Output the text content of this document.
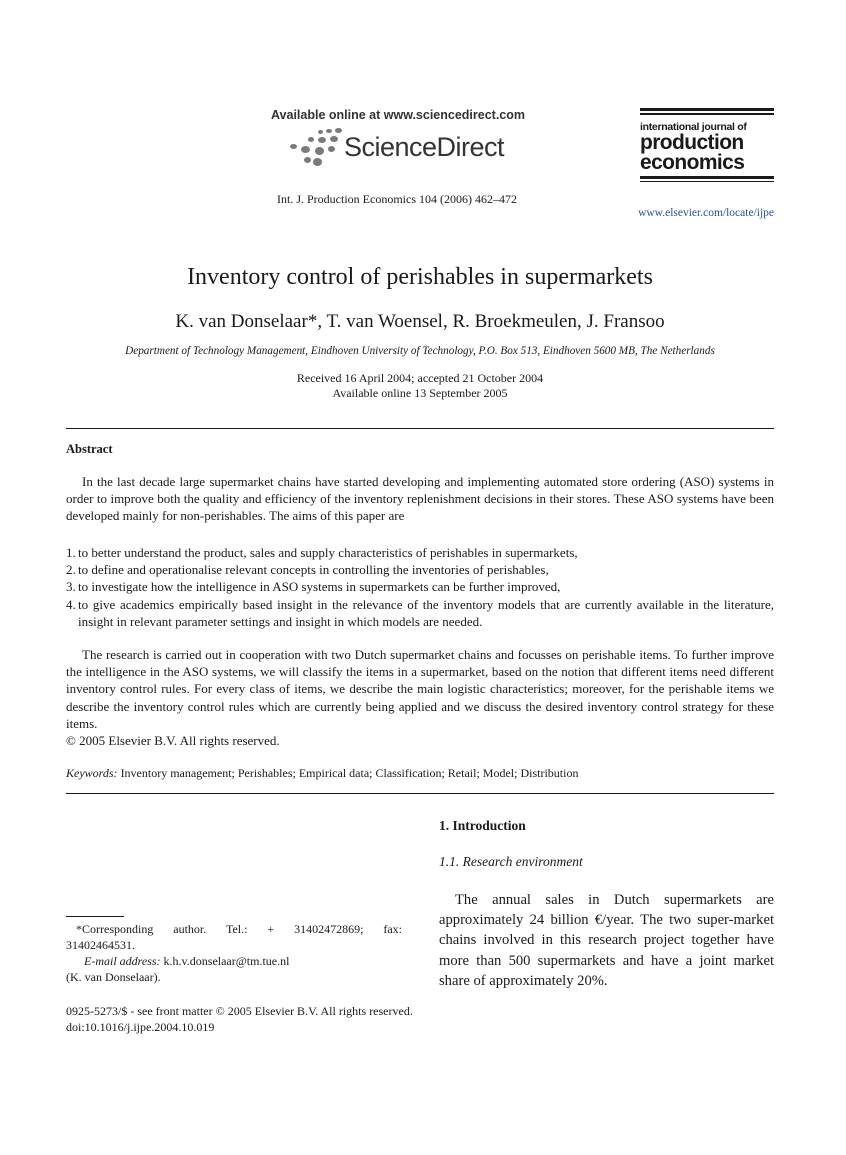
Available online at www.sciencedirect.com
ScienceDirect
Int. J. Production Economics 104 (2006) 462–472
international journal of
production
economics
www.elsevier.com/locate/ijpe
Inventory control of perishables in supermarkets
K. van Donselaar*, T. van Woensel, R. Broekmeulen, J. Fransoo
Department of Technology Management, Eindhoven University of Technology, P.O. Box 513, Eindhoven 5600 MB, The Netherlands
Received 16 April 2004; accepted 21 October 2004
Available online 13 September 2005
Abstract
In the last decade large supermarket chains have started developing and implementing automated store ordering (ASO) systems in order to improve both the quality and efficiency of the inventory replenishment decisions in their stores. These ASO systems have been developed mainly for non-perishables. The aims of this paper are
1. to better understand the product, sales and supply characteristics of perishables in supermarkets,
2. to define and operationalise relevant concepts in controlling the inventories of perishables,
3. to investigate how the intelligence in ASO systems in supermarkets can be further improved,
4. to give academics empirically based insight in the relevance of the inventory models that are currently available in the literature, insight in relevant parameter settings and insight in which models are needed.
The research is carried out in cooperation with two Dutch supermarket chains and focusses on perishable items. To further improve the intelligence in the ASO systems, we will classify the items in a supermarket, based on the notion that different items need different inventory control rules. For every class of items, we describe the main logistic characteristics; moreover, for the perishable items we describe the inventory control rules which are currently being applied and we discuss the desired inventory control strategy for these items.
© 2005 Elsevier B.V. All rights reserved.
Keywords: Inventory management; Perishables; Empirical data; Classification; Retail; Model; Distribution
1. Introduction
1.1. Research environment
The annual sales in Dutch supermarkets are approximately 24 billion €/year. The two super-market chains involved in this research project together have more than 500 supermarkets and have a joint market share of approximately 20%.
*Corresponding author. Tel.: + 31402472869; fax:
31402464531.
E-mail address: k.h.v.donselaar@tm.tue.nl
(K. van Donselaar).
0925-5273/$ - see front matter © 2005 Elsevier B.V. All rights reserved.
doi:10.1016/j.ijpe.2004.10.019
